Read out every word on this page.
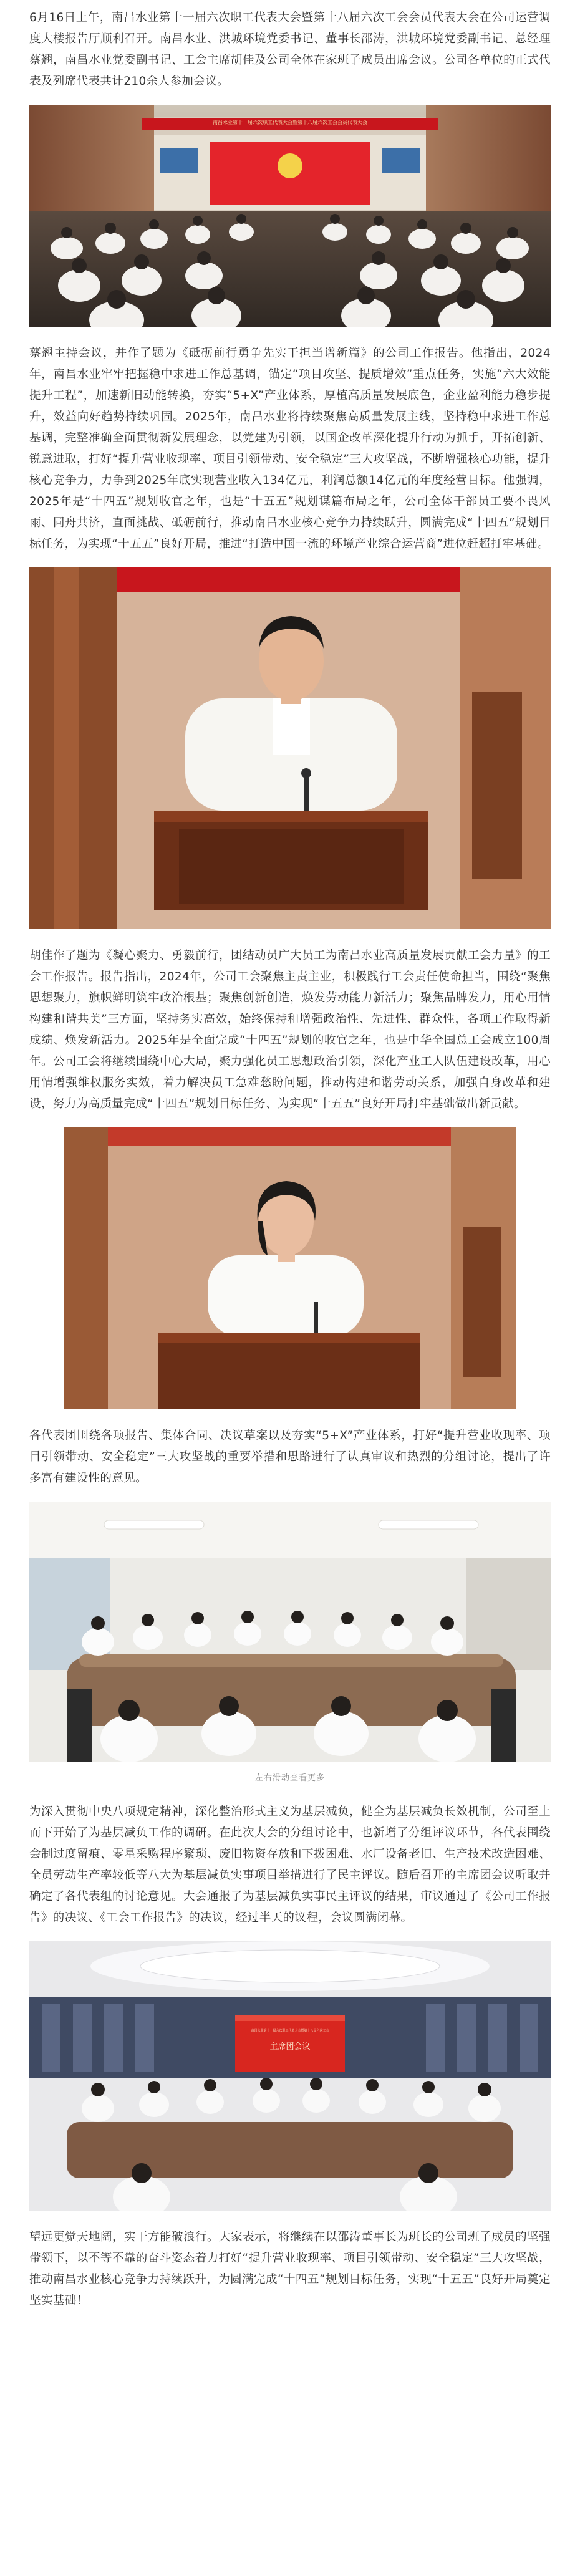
6月16日上午，南昌水业第十一届六次职工代表大会暨第十八届六次工会会员代表大会在公司运营调度大楼报告厅顺利召开。南昌水业、洪城环境党委书记、董事长邵涛，洪城环境党委副书记、总经理蔡翘，南昌水业党委副书记、工会主席胡佳及公司全体在家班子成员出席会议。公司各单位的正式代表及列席代表共计210余人参加会议。

南昌水业第十一届六次职工代表大会暨第十八届六次工会会员代表大会

蔡翘主持会议，并作了题为《砥砺前行勇争先实干担当谱新篇》的公司工作报告。他指出，2024年，南昌水业牢牢把握稳中求进工作总基调，锚定“项目攻坚、提质增效”重点任务，实施“六大效能提升工程”，加速新旧动能转换，夯实“5+X”产业体系，厚植高质量发展底色，企业盈利能力稳步提升，效益向好趋势持续巩固。2025年，南昌水业将持续聚焦高质量发展主线，坚持稳中求进工作总基调，完整准确全面贯彻新发展理念，以党建为引领，以国企改革深化提升行动为抓手，开拓创新、锐意进取，打好“提升营业收现率、项目引领带动、安全稳定”三大攻坚战，不断增强核心功能，提升核心竞争力，力争到2025年底实现营业收入134亿元，利润总额14亿元的年度经营目标。他强调，2025年是“十四五”规划收官之年，也是“十五五”规划谋篇布局之年，公司全体干部员工要不畏风雨、同舟共济，直面挑战、砥砺前行，推动南昌水业核心竞争力持续跃升，圆满完成“十四五”规划目标任务，为实现“十五五”良好开局，推进“打造中国一流的环境产业综合运营商”进位赶超打牢基础。

胡佳作了题为《凝心聚力、勇毅前行，团结动员广大员工为南昌水业高质量发展贡献工会力量》的工会工作报告。报告指出，2024年，公司工会聚焦主责主业，积极践行工会责任使命担当，围绕“聚焦思想聚力，旗帜鲜明筑牢政治根基；聚焦创新创造，焕发劳动能力新活力；聚焦品牌发力，用心用情构建和谐共美”三方面，坚持务实高效，始终保持和增强政治性、先进性、群众性，各项工作取得新成绩、焕发新活力。2025年是全面完成“十四五”规划的收官之年，也是中华全国总工会成立100周年。公司工会将继续围绕中心大局，聚力强化员工思想政治引领，深化产业工人队伍建设改革，用心用情增强维权服务实效，着力解决员工急难愁盼问题，推动构建和谐劳动关系，加强自身改革和建设，努力为高质量完成“十四五”规划目标任务、为实现“十五五”良好开局打牢基础做出新贡献。

各代表团围绕各项报告、集体合同、决议草案以及夯实“5+X”产业体系，打好“提升营业收现率、项目引领带动、安全稳定”三大攻坚战的重要举措和思路进行了认真审议和热烈的分组讨论，提出了许多富有建设性的意见。

左右滑动查看更多

为深入贯彻中央八项规定精神，深化整治形式主义为基层减负，健全为基层减负长效机制，公司至上而下开始了为基层减负工作的调研。在此次大会的分组讨论中，也新增了分组评议环节，各代表围绕会制过度留痕、零星采购程序繁琐、废旧物资存放和下拨困难、水厂设备老旧、生产技术改造困难、全员劳动生产率较低等八大为基层减负实事项目举措进行了民主评议。随后召开的主席团会议听取并确定了各代表组的讨论意见。大会通报了为基层减负实事民主评议的结果，审议通过了《公司工作报告》的决议、《工会工作报告》的决议，经过半天的议程，会议圆满闭幕。

南昌水业第十一届六次职工代表大会暨第十八届六次工会
主席团会议

望远更觉天地阔，实干方能破浪行。大家表示，将继续在以邵涛董事长为班长的公司班子成员的坚强带领下，以不等不靠的奋斗姿态着力打好“提升营业收现率、项目引领带动、安全稳定”三大攻坚战，推动南昌水业核心竞争力持续跃升，为圆满完成“十四五”规划目标任务，实现“十五五”良好开局奠定坚实基础！
